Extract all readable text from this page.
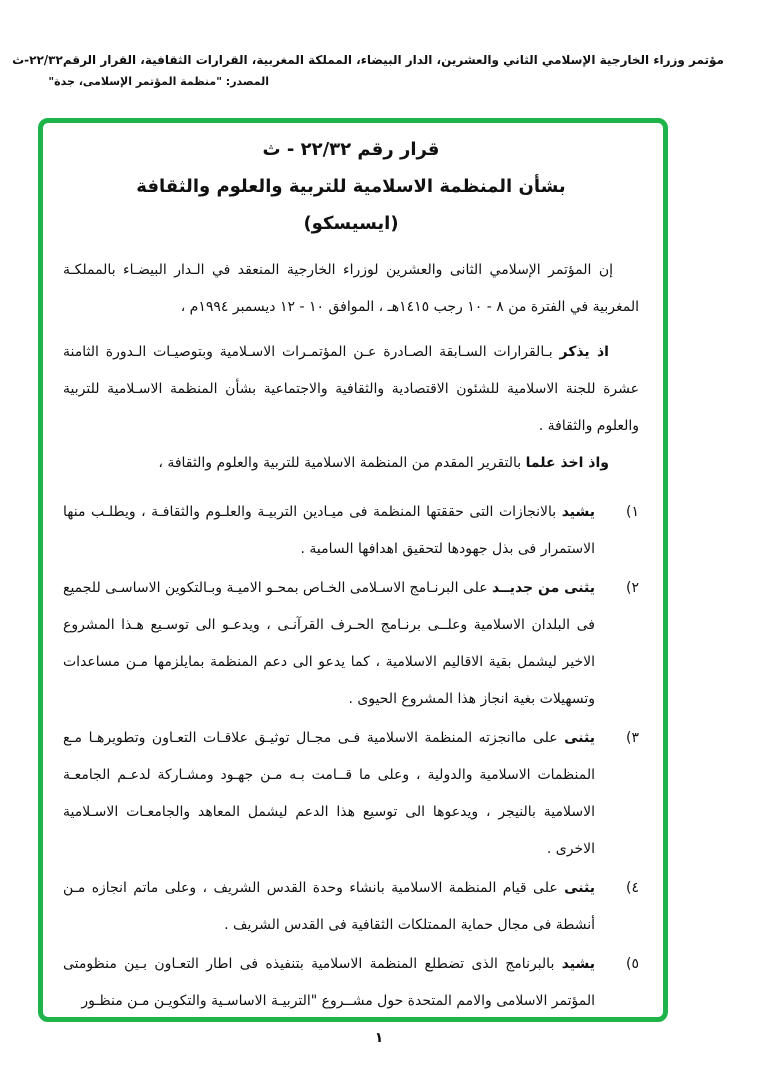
مؤتمر وزراء الخارجية الإسلامي الثاني والعشرين، الدار البيضاء، المملكة المغربية، القرارات الثقافية، القرار الرقم٢٢/٣٢-ث
المصدر: "منظمة المؤتمر الإسلامى، جدة"
قرار رقم ٢٢/٣٢ - ث
بشأن المنظمة الاسلامية للتربية والعلوم والثقافة
(ايسيسكو)

إن المؤتمر الإسلامي الثانى والعشرين لوزراء الخارجية المنعقد في الـدار البيضـاء بالمملكـة المغربية في الفترة من ٨ - ١٠ رجب ١٤١٥هـ ، الموافق ١٠ - ١٢ ديسمبر ١٩٩٤م ،

اذ يذكر بـالقرارات السـابقة الصـادرة عـن المؤتمـرات الاسـلامية وبتوصيـات الـدورة الثامنة عشرة للجنة الاسلامية للشئون الاقتصادية والثقافية والاجتماعية بشأن المنظمة الاسـلامية للتربية والعلوم والثقافة .

واذ اخذ علما بالتقرير المقدم من المنظمة الاسلامية للتربية والعلوم والثقافة ،

١)

يشيد بالانجازات التى حققتها المنظمة فى ميـادين التربيـة والعلـوم والثقافـة ، ويطلـب منها الاستمرار فى بذل جهودها لتحقيق اهدافها السامية .

٢)

يثنى من جديــد على البرنـامج الاسـلامى الخـاص بمحـو الاميـة وبـالتكوين الاساسـى للجميع فى البلدان الاسلامية وعلــى برنـامج الحـرف القرآنـى ، ويدعـو الى توسـيع هـذا المشروع الاخير ليشمل بقية الاقاليم الاسلامية ، كما يدعو الى دعم المنظمة بمايلزمها مـن مساعدات وتسهيلات بغية انجاز هذا المشروع الحيوى .

٣)

يثنى على ماانجزته المنظمة الاسلامية فـى مجـال توثيـق علاقـات التعـاون وتطويرهـا مـع المنظمات الاسلامية والدولية ، وعلى ما قــامت بـه مـن جهـود ومشـاركة لدعـم الجامعـة الاسلامية بالنيجر ، ويدعوها الى توسيع هذا الدعم ليشمل المعاهد والجامعـات الاسـلامية الاخرى .

٤)

يثنى على قيام المنظمة الاسلامية بانشاء وحدة القدس الشريف ، وعلى ماتم انجازه مـن أنشطة فى مجال حماية الممتلكات الثقافية فى القدس الشريف .

٥)

يشيد بالبرنامج الذى تضطلع المنظمة الاسلامية بتنفيذه فى اطار التعـاون بـين منظومتى المؤتمر الاسلامى والامم المتحدة حول مشــروع "التربيـة الاساسـية والتكويـن مـن منظـور

١
